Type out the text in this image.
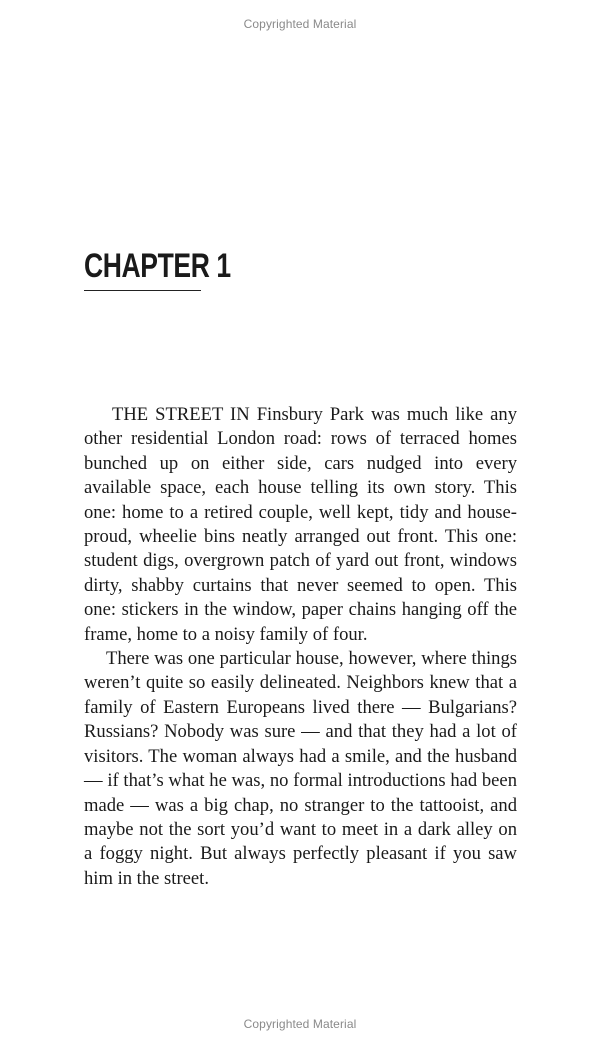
Copyrighted Material
CHAPTER 1

THE STREET IN Finsbury Park was much like any other residential London road: rows of terraced homes bunched up on either side, cars nudged into every available space, each house telling its own story. This one: home to a retired couple, well kept, tidy and house-proud, wheelie bins neatly arranged out front. This one: student digs, overgrown patch of yard out front, windows dirty, shabby curtains that never seemed to open. This one: stickers in the window, paper chains hanging off the frame, home to a noisy family of four.

There was one particular house, however, where things weren’t quite so easily delineated. Neighbors knew that a family of Eastern Europeans lived there — Bulgarians? Russians? Nobody was sure — and that they had a lot of visitors. The woman always had a smile, and the husband — if that’s what he was, no formal introductions had been made — was a big chap, no stranger to the tattooist, and maybe not the sort you’d want to meet in a dark alley on a foggy night. But always perfectly pleasant if you saw him in the street.

Copyrighted Material
